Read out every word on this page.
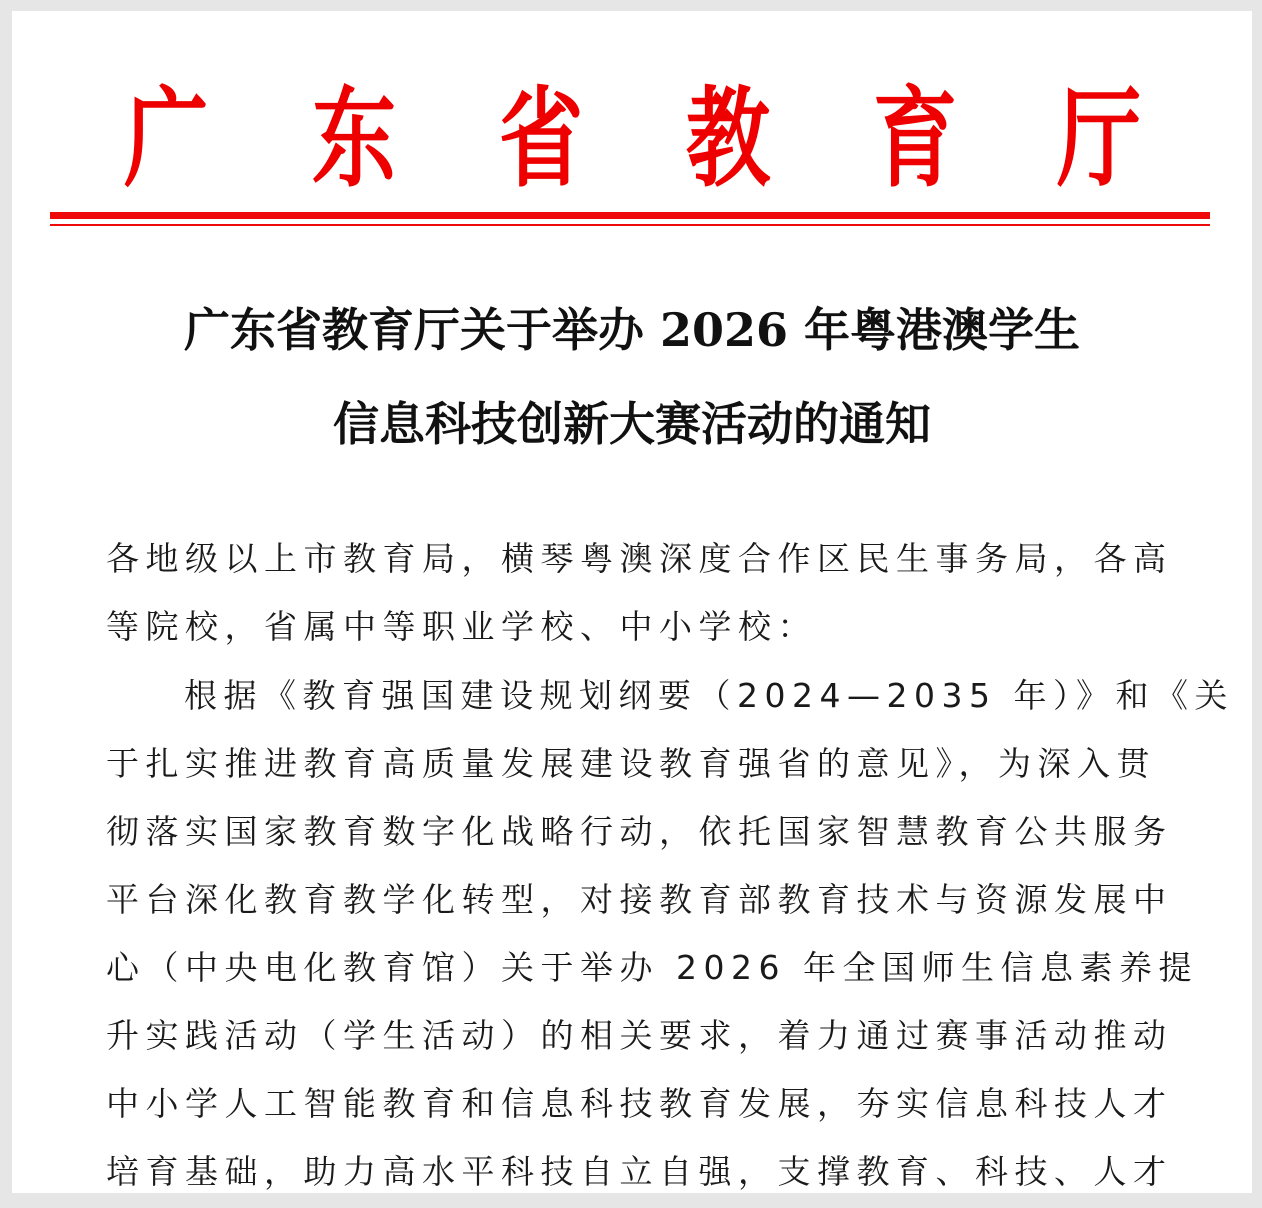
广 东 省 教 育 厅
广东省教育厅关于举办 2026 年粤港澳学生
信息科技创新大赛活动的通知
各地级以上市教育局，横琴粤澳深度合作区民生事务局，各高
等院校，省属中等职业学校、中小学校：
根据《教育强国建设规划纲要（2024—2035 年）》和《关
于扎实推进教育高质量发展建设教育强省的意见》，为深入贯
彻落实国家教育数字化战略行动，依托国家智慧教育公共服务
平台深化教育教学化转型，对接教育部教育技术与资源发展中
心（中央电化教育馆）关于举办 2026 年全国师生信息素养提
升实践活动（学生活动）的相关要求，着力通过赛事活动推动
中小学人工智能教育和信息科技教育发展，夯实信息科技人才
培育基础，助力高水平科技自立自强，支撑教育、科技、人才
